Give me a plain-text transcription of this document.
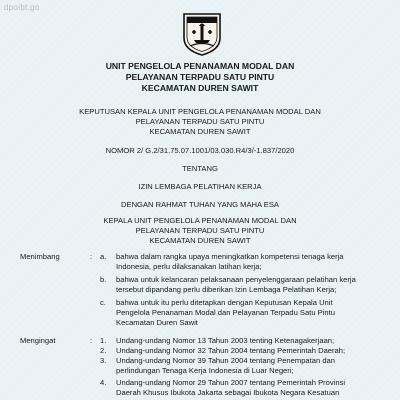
dpoibt.go
UNIT PENGELOLA PENANAMAN MODAL DAN
PELAYANAN TERPADU SATU PINTU
KECAMATAN DUREN SAWIT
KEPUTUSAN KEPALA UNIT PENGELOLA PENANAMAN MODAL DAN
PELAYANAN TERPADU SATU PINTU
KECAMATAN DUREN SAWIT
NOMOR 2/ G.2/31.75.07.1001/03.030.R4/3/-1.837/2020
TENTANG
IZIN LEMBAGA PELATIHAN KERJA
DENGAN RAHMAT TUHAN YANG MAHA ESA
KEPALA UNIT PENGELOLA PENANAMAN MODAL DAN
PELAYANAN TERPADU SATU PINTU
KECAMATAN DUREN SAWIT
Menimbang	: a. bahwa dalam rangka upaya meningkatkan kompetensi tenaga kerja
Indonesia, perlu dilaksanakan latihan kerja;
b. bahwa untuk kelancaran pelaksanaan penyelenggaraan pelatihan kerja
tersebut dipandang perlu diberikan Izin Lembaga Pelatihan Kerja;
c. bahwa untuk itu perlu ditetapkan dengan Keputusan Kepala Unit
Pengelola Penanaman Modal dan Pelayanan Terpadu Satu Pintu
Kecamatan Duren Sawit
Mengingat	: 1. Undang-undang Nomor 13 Tahun 2003 tenting Ketenagakerjaan;
2. Undang-undang Nomor 32 Tahun 2004 tentang Pemerintah Daerah;
3. Undang-undang Nomor 39 Tahun 2004 tentang Penempatan dan
perlindungan Tenaga Kerja Indonesia di Luar Negeri;
4. Undang-undang Nomor 29 Tahun 2007 tentang Pemerintah Provinsi
Daerah Khusus Ibukota Jakarta sebagai Ibukota Negara Kesatuan
